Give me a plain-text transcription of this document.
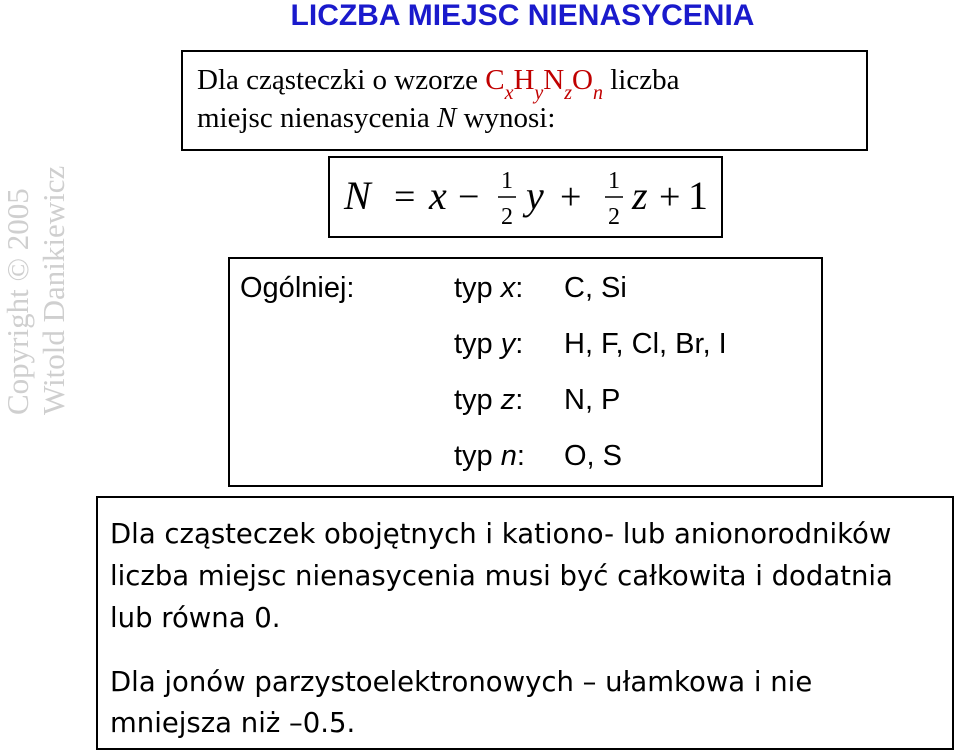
LICZBA MIEJSC NIENASYCENIA
Copyright © 2005 Witold Danikiewicz
Dla cząsteczki o wzorze $C_xH_yN_zO_n$ liczba
miejsc nienasycenia N wynosi:
N = x − 1
2 y + 1
2 z + 1
Ogólniej:	typ x: C, Si
typ y: H, F, Cl, Br, I
typ z: N, P
typ n: O, S
Dla cząsteczek obojętnych i kationo- lub anionorodników
liczba miejsc nienasycenia musi być całkowita i dodatnia
lub równa 0.
Dla jonów parzystoelektronowych – ułamkowa i nie
mniejsza niż –0.5.
